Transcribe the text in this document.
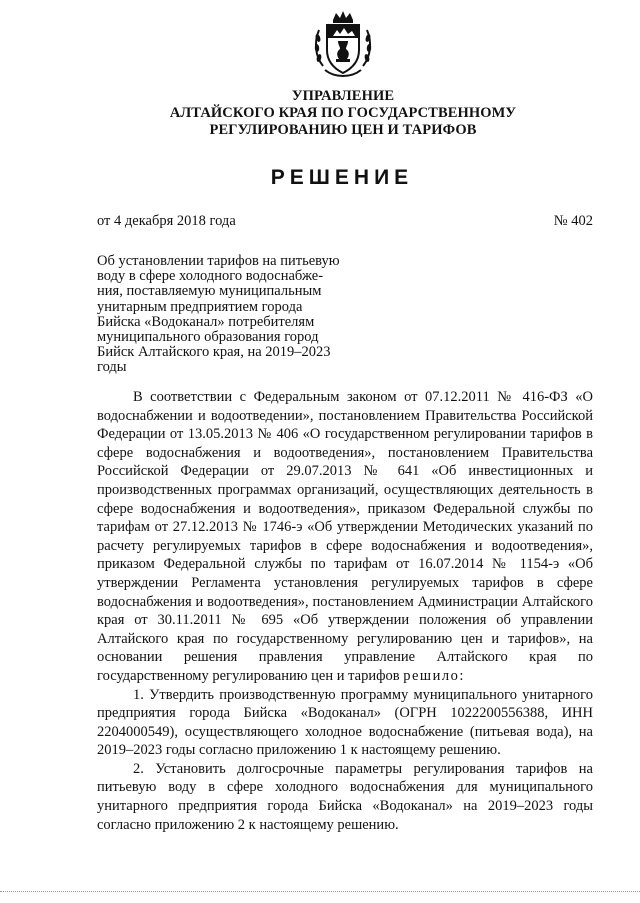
УПРАВЛЕНИЕ
АЛТАЙСКОГО КРАЯ ПО ГОСУДАРСТВЕННОМУ
РЕГУЛИРОВАНИЮ ЦЕН И ТАРИФОВ
РЕШЕНИЕ
от 4 декабря 2018 года	№ 402
Об установлении тарифов на питьевую
воду в сфере холодного водоснабже-
ния, поставляемую муниципальным
унитарным предприятием города
Бийска «Водоканал» потребителям
муниципального образования город
Бийск Алтайского края, на 2019–2023
годы

В соответствии с Федеральным законом от 07.12.2011 № 416-ФЗ «О водоснабжении и водоотведении», постановлением Правительства Российской Федерации от 13.05.2013 № 406 «О государственном регулировании тарифов в сфере водоснабжения и водоотведения», постановлением Правительства Российской Федерации от 29.07.2013 № 641 «Об инвестиционных и производственных программах организаций, осуществляющих деятельность в сфере водоснабжения и водоотведения», приказом Федеральной службы по тарифам от 27.12.2013 № 1746-э «Об утверждении Методических указаний по расчету регулируемых тарифов в сфере водоснабжения и водоотведения», приказом Федеральной службы по тарифам от 16.07.2014 № 1154-э «Об утверждении Регламента установления регулируемых тарифов в сфере водоснабжения и водоотведения», постановлением Администрации Алтайского края от 30.11.2011 № 695 «Об утверждении положения об управлении Алтайского края по государственному регулированию цен и тарифов», на основании решения правления управление Алтайского края по государственному регулированию цен и тарифов решило:

1. Утвердить производственную программу муниципального унитарного предприятия города Бийска «Водоканал» (ОГРН 1022200556388, ИНН 2204000549), осуществляющего холодное водоснабжение (питьевая вода), на 2019–2023 годы согласно приложению 1 к настоящему решению.

2. Установить долгосрочные параметры регулирования тарифов на питьевую воду в сфере холодного водоснабжения для муниципального унитарного предприятия города Бийска «Водоканал» на 2019–2023 годы согласно приложению 2 к настоящему решению.
